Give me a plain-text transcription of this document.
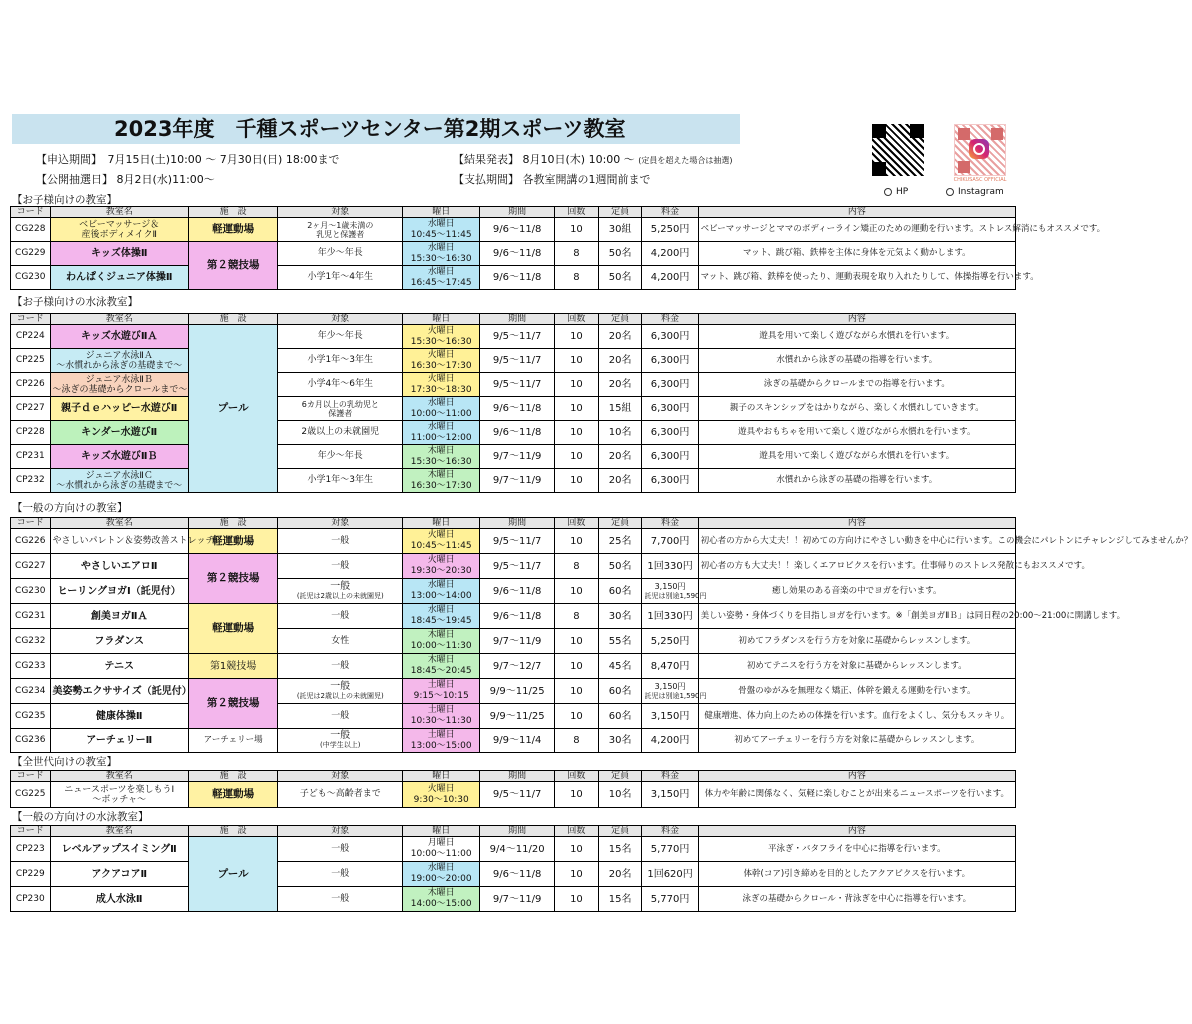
2023年度　千種スポーツセンター第2期スポーツ教室
【申込期間】　7月15日(土)10:00 ～ 7月30日(日) 18:00まで	【結果発表】 8月10日(木) 10:00 ～ (定員を超えた場合は抽選)
【公開抽選日】 8月2日(水)11:00～	【支払期間】 各教室開講の1週間前まで	CHIKUSASC OFFICIAL
HP	Instagram
【お子様向けの教室】
コード	教室名	施　設	対象	曜日	期間	回数	定員	料金	内容
CG228	ベビーマッサージ＆
産後ボディメイクⅡ	軽運動場	2ヶ月～1歳未満の
乳児と保護者	水曜日
10:45～11:45	9/6～11/8	10	30組	5,250円	ベビーマッサージとママのボディーライン矯正のための運動を行います。ストレス解消にもオススメです。
CG229	キッズ体操Ⅱ	第２競技場	年少～年長	水曜日
15:30～16:30	9/6～11/8	8	50名	4,200円	マット、跳び箱、鉄棒を主体に身体を元気よく動かします。
CG230	わんぱくジュニア体操Ⅱ		小学1年～4年生	水曜日
16:45～17:45	9/6～11/8	8	50名	4,200円	マット、跳び箱、鉄棒を使ったり、運動表現を取り入れたりして、体操指導を行います。
【お子様向けの水泳教室】
コード	教室名	施　設	対象	曜日	期間	回数	定員	料金	内容
CP224	キッズ水遊びⅡＡ	プール	年少～年長	火曜日
15:30～16:30	9/5～11/7	10	20名	6,300円	遊具を用いて楽しく遊びながら水慣れを行います。
CP225	ジュニア水泳ⅡＡ
～水慣れから泳ぎの基礎まで～		小学1年～3年生	火曜日
16:30～17:30	9/5～11/7	10	20名	6,300円	水慣れから泳ぎの基礎の指導を行います。
CP226	ジュニア水泳ⅡＢ
～泳ぎの基礎からクロールまで～		小学4年～6年生	火曜日
17:30～18:30	9/5～11/7	10	20名	6,300円	泳ぎの基礎からクロールまでの指導を行います。
CP227	親子ｄｅハッピー水遊びⅡ		6カ月以上の乳幼児と
保護者	水曜日
10:00～11:00	9/6～11/8	10	15組	6,300円	親子のスキンシップをはかりながら、楽しく水慣れしていきます。
CP228	キンダー水遊びⅡ		2歳以上の未就園児	水曜日
11:00～12:00	9/6～11/8	10	10名	6,300円	遊具やおもちゃを用いて楽しく遊びながら水慣れを行います。
CP231	キッズ水遊びⅡＢ		年少～年長	木曜日
15:30～16:30	9/7～11/9	10	20名	6,300円	遊具を用いて楽しく遊びながら水慣れを行います。
CP232	ジュニア水泳ⅡＣ
～水慣れから泳ぎの基礎まで～		小学1年～3年生	木曜日
16:30～17:30	9/7～11/9	10	20名	6,300円	水慣れから泳ぎの基礎の指導を行います。
【一般の方向けの教室】
コード	教室名	施　設	対象	曜日	期間	回数	定員	料金	内容
CG226	やさしいパレトン＆姿勢改善ストレッチ	軽運動場	一般	火曜日
10:45～11:45	9/5～11/7	10	25名	7,700円	初心者の方から大丈夫！！初めての方向けにやさしい動きを中心に行います。この機会にパレトンにチャレンジしてみませんか？
CG227	やさしいエアロⅡ	第２競技場	一般	火曜日
19:30～20:30	9/5～11/7	8	50名	1回330円	初心者の方も大丈夫！！楽しくエアロビクスを行います。仕事帰りのストレス発散にもおススメです。
CG230	ヒーリングヨガⅠ（託児付）		一般
(託児は2歳以上の未就園児)	水曜日
13:00～14:00	9/6～11/8	10	60名	3,150円
託児は別途1,590円	癒し効果のある音楽の中でヨガを行います。
CG231	創美ヨガⅡＡ	軽運動場	一般	水曜日
18:45～19:45	9/6～11/8	8	30名	1回330円	美しい姿勢・身体づくりを目指しヨガを行います。※「創美ヨガⅡＢ」は同日程の20:00～21:00に開講します。
CG232	フラダンス		女性	木曜日
10:00～11:30	9/7～11/9	10	55名	5,250円	初めてフラダンスを行う方を対象に基礎からレッスンします。
CG233	テニス	第1競技場	一般	木曜日
18:45～20:45	9/7～12/7	10	45名	8,470円	初めてテニスを行う方を対象に基礎からレッスンします。
CG234	美姿勢エクササイズ（託児付）	第２競技場	一般
(託児は2歳以上の未就園児)	土曜日
9:15～10:15	9/9～11/25	10	60名	3,150円
託児は別途1,590円	骨盤のゆがみを無理なく矯正、体幹を鍛える運動を行います。
CG235	健康体操Ⅱ		一般	土曜日
10:30～11:30	9/9～11/25	10	60名	3,150円	健康増進、体力向上のための体操を行います。血行をよくし、気分もスッキリ。
CG236	アーチェリーⅡ	アーチェリー場	一般
(中学生以上)	土曜日
13:00～15:00	9/9～11/4	8	30名	4,200円	初めてアーチェリーを行う方を対象に基礎からレッスンします。
【全世代向けの教室】
コード	教室名	施　設	対象	曜日	期間	回数	定員	料金	内容
CG225	ニュースポーツを楽しもうⅠ
～ボッチャ～	軽運動場	子ども～高齢者まで	火曜日
9:30～10:30	9/5～11/7	10	10名	3,150円	体力や年齢に関係なく、気軽に楽しむことが出来るニュースポーツを行います。
【一般の方向けの水泳教室】
コード	教室名	施　設	対象	曜日	期間	回数	定員	料金	内容
CP223	レベルアップスイミングⅡ	プール	一般	月曜日
10:00～11:00	9/4～11/20	10	15名	5,770円	平泳ぎ・バタフライを中心に指導を行います。
CP229	アクアコアⅡ		一般	水曜日
19:00～20:00	9/6～11/8	10	20名	1回620円	体幹(コア)引き締めを目的としたアクアビクスを行います。
CP230	成人水泳Ⅱ		一般	木曜日
14:00～15:00	9/7～11/9	10	15名	5,770円	泳ぎの基礎からクロール・背泳ぎを中心に指導を行います。
